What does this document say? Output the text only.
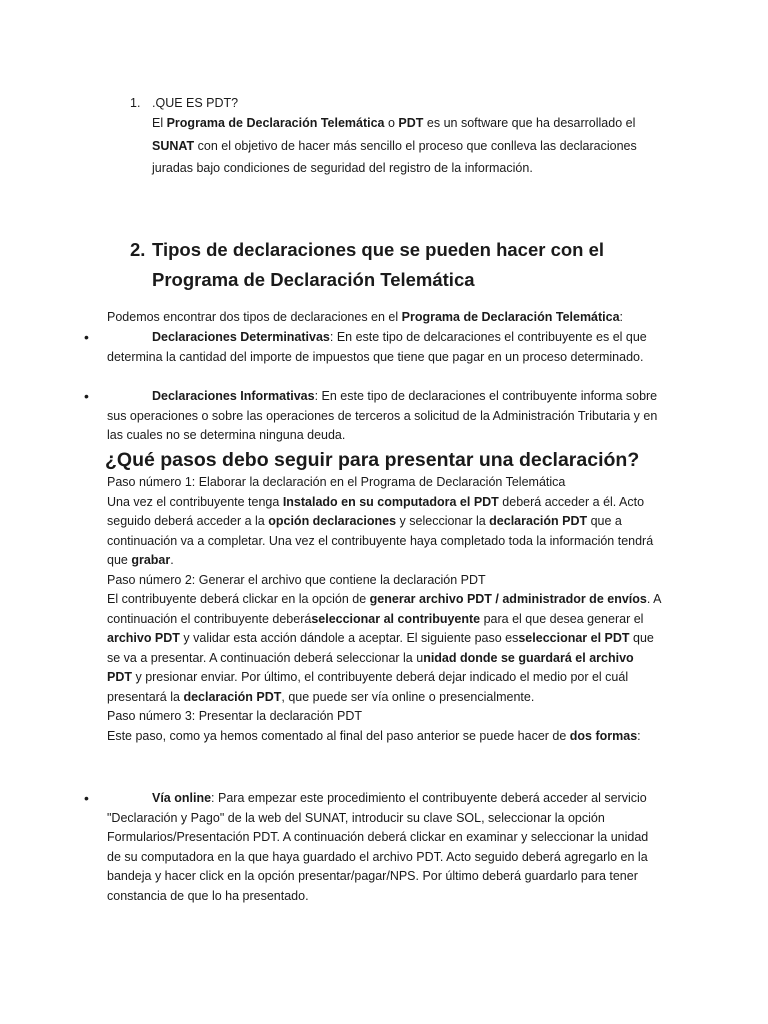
1. .QUE ES PDT?
El Programa de Declaración Telemática o PDT es un software que ha desarrollado el SUNAT con el objetivo de hacer más sencillo el proceso que conlleva las declaraciones juradas bajo condiciones de seguridad del registro de la información.
2. Tipos de declaraciones que se pueden hacer con el Programa de Declaración Telemática
Podemos encontrar dos tipos de declaraciones en el Programa de Declaración Telemática:
•	Declaraciones Determinativas: En este tipo de delcaraciones el contribuyente es el que determina la cantidad del importe de impuestos que tiene que pagar en un proceso determinado.
•	Declaraciones Informativas: En este tipo de declaraciones el contribuyente informa sobre sus operaciones o sobre las operaciones de terceros a solicitud de la Administración Tributaria y en las cuales no se determina ninguna deuda.
¿Qué pasos debo seguir para presentar una declaración?

Paso número 1: Elaborar la declaración en el Programa de Declaración Telemática

Una vez el contribuyente tenga Instalado en su computadora el PDT deberá acceder a él. Acto seguido deberá acceder a la opción declaraciones y seleccionar la declaración PDT que a continuación va a completar. Una vez el contribuyente haya completado toda la información tendrá que grabar.

Paso número 2: Generar el archivo que contiene la declaración PDT

El contribuyente deberá clickar en la opción de generar archivo PDT / administrador de envíos. A continuación el contribuyente deberáseleccionar al contribuyente para el que desea generar el archivo PDT y validar esta acción dándole a aceptar. El siguiente paso esseleccionar el PDT que se va a presentar. A continuación deberá seleccionar la unidad donde se guardará el archivo PDT y presionar enviar. Por último, el contribuyente deberá dejar indicado el medio por el cuál presentará la declaración PDT, que puede ser vía online o presencialmente.

Paso número 3: Presentar la declaración PDT

Este paso, como ya hemos comentado al final del paso anterior se puede hacer de dos formas:

•	Vía online: Para empezar este procedimiento el contribuyente deberá acceder al servicio "Declaración y Pago" de la web del SUNAT, introducir su clave SOL, seleccionar la opción Formularios/Presentación PDT. A continuación deberá clickar en examinar y seleccionar la unidad de su computadora en la que haya guardado el archivo PDT. Acto seguido deberá agregarlo en la bandeja y hacer click en la opción presentar/pagar/NPS. Por último deberá guardarlo para tener constancia de que lo ha presentado.
